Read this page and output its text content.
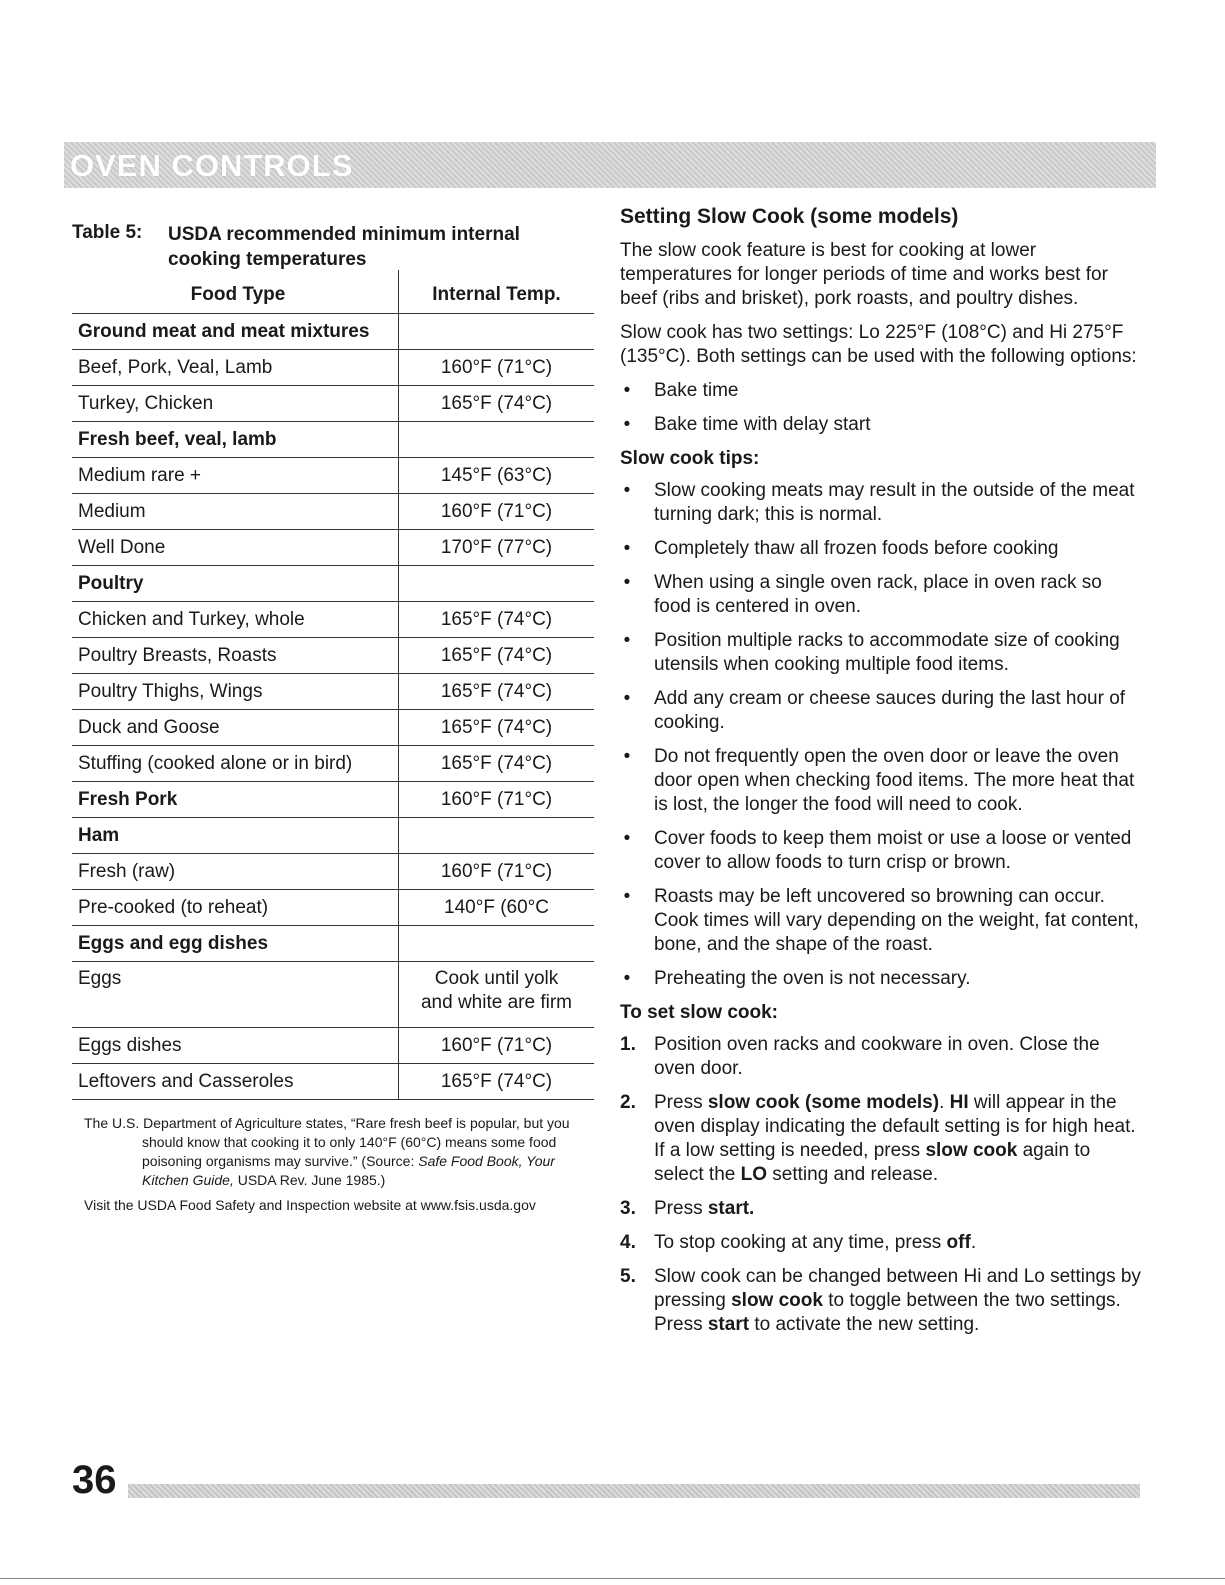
OVEN CONTROLS
Table 5: USDA recommended minimum internal cooking temperatures
Food Type	Internal Temp.
Ground meat and meat mixtures	
Beef, Pork, Veal, Lamb	160°F (71°C)
Turkey, Chicken	165°F (74°C)
Fresh beef, veal, lamb	
Medium rare +	145°F (63°C)
Medium	160°F (71°C)
Well Done	170°F (77°C)
Poultry	
Chicken and Turkey, whole	165°F (74°C)
Poultry Breasts, Roasts	165°F (74°C)
Poultry Thighs, Wings	165°F (74°C)
Duck and Goose	165°F (74°C)
Stuffing (cooked alone or in bird)	165°F (74°C)
Fresh Pork	160°F (71°C)
Ham	
Fresh (raw)	160°F (71°C)
Pre-cooked (to reheat)	140°F (60°C
Eggs and egg dishes	
Eggs	Cook until yolk and white are firm
Eggs dishes	160°F (71°C)
Leftovers and Casseroles	165°F (74°C)

The U.S. Department of Agriculture states, “Rare fresh beef is popular, but you should know that cooking it to only 140°F (60°C) means some food poisoning organisms may survive.” (Source: Safe Food Book, Your Kitchen Guide, USDA Rev. June 1985.)

Visit the USDA Food Safety and Inspection website at www.fsis.usda.gov

Setting Slow Cook (some models)

The slow cook feature is best for cooking at lower temperatures for longer periods of time and works best for beef (ribs and brisket), pork roasts, and poultry dishes.

Slow cook has two settings: Lo 225°F (108°C) and Hi 275°F (135°C). Both settings can be used with the following options:

• Bake time
• Bake time with delay start
Slow cook tips:
• Slow cooking meats may result in the outside of the meat turning dark; this is normal.
• Completely thaw all frozen foods before cooking
• When using a single oven rack, place in oven rack so food is centered in oven.
• Position multiple racks to accommodate size of cooking utensils when cooking multiple food items.
• Add any cream or cheese sauces during the last hour of cooking.
• Do not frequently open the oven door or leave the oven door open when checking food items. The more heat that is lost, the longer the food will need to cook.
• Cover foods to keep them moist or use a loose or vented cover to allow foods to turn crisp or brown.
• Roasts may be left uncovered so browning can occur. Cook times will vary depending on the weight, fat content, bone, and the shape of the roast.
• Preheating the oven is not necessary.
To set slow cook:
1. Position oven racks and cookware in oven. Close the oven door.
2. Press slow cook (some models). HI will appear in the oven display indicating the default setting is for high heat. If a low setting is needed, press slow cook again to select the LO setting and release.
3. Press start.
4. To stop cooking at any time, press off.
5. Slow cook can be changed between Hi and Lo settings by pressing slow cook to toggle between the two settings. Press start to activate the new setting.
36
